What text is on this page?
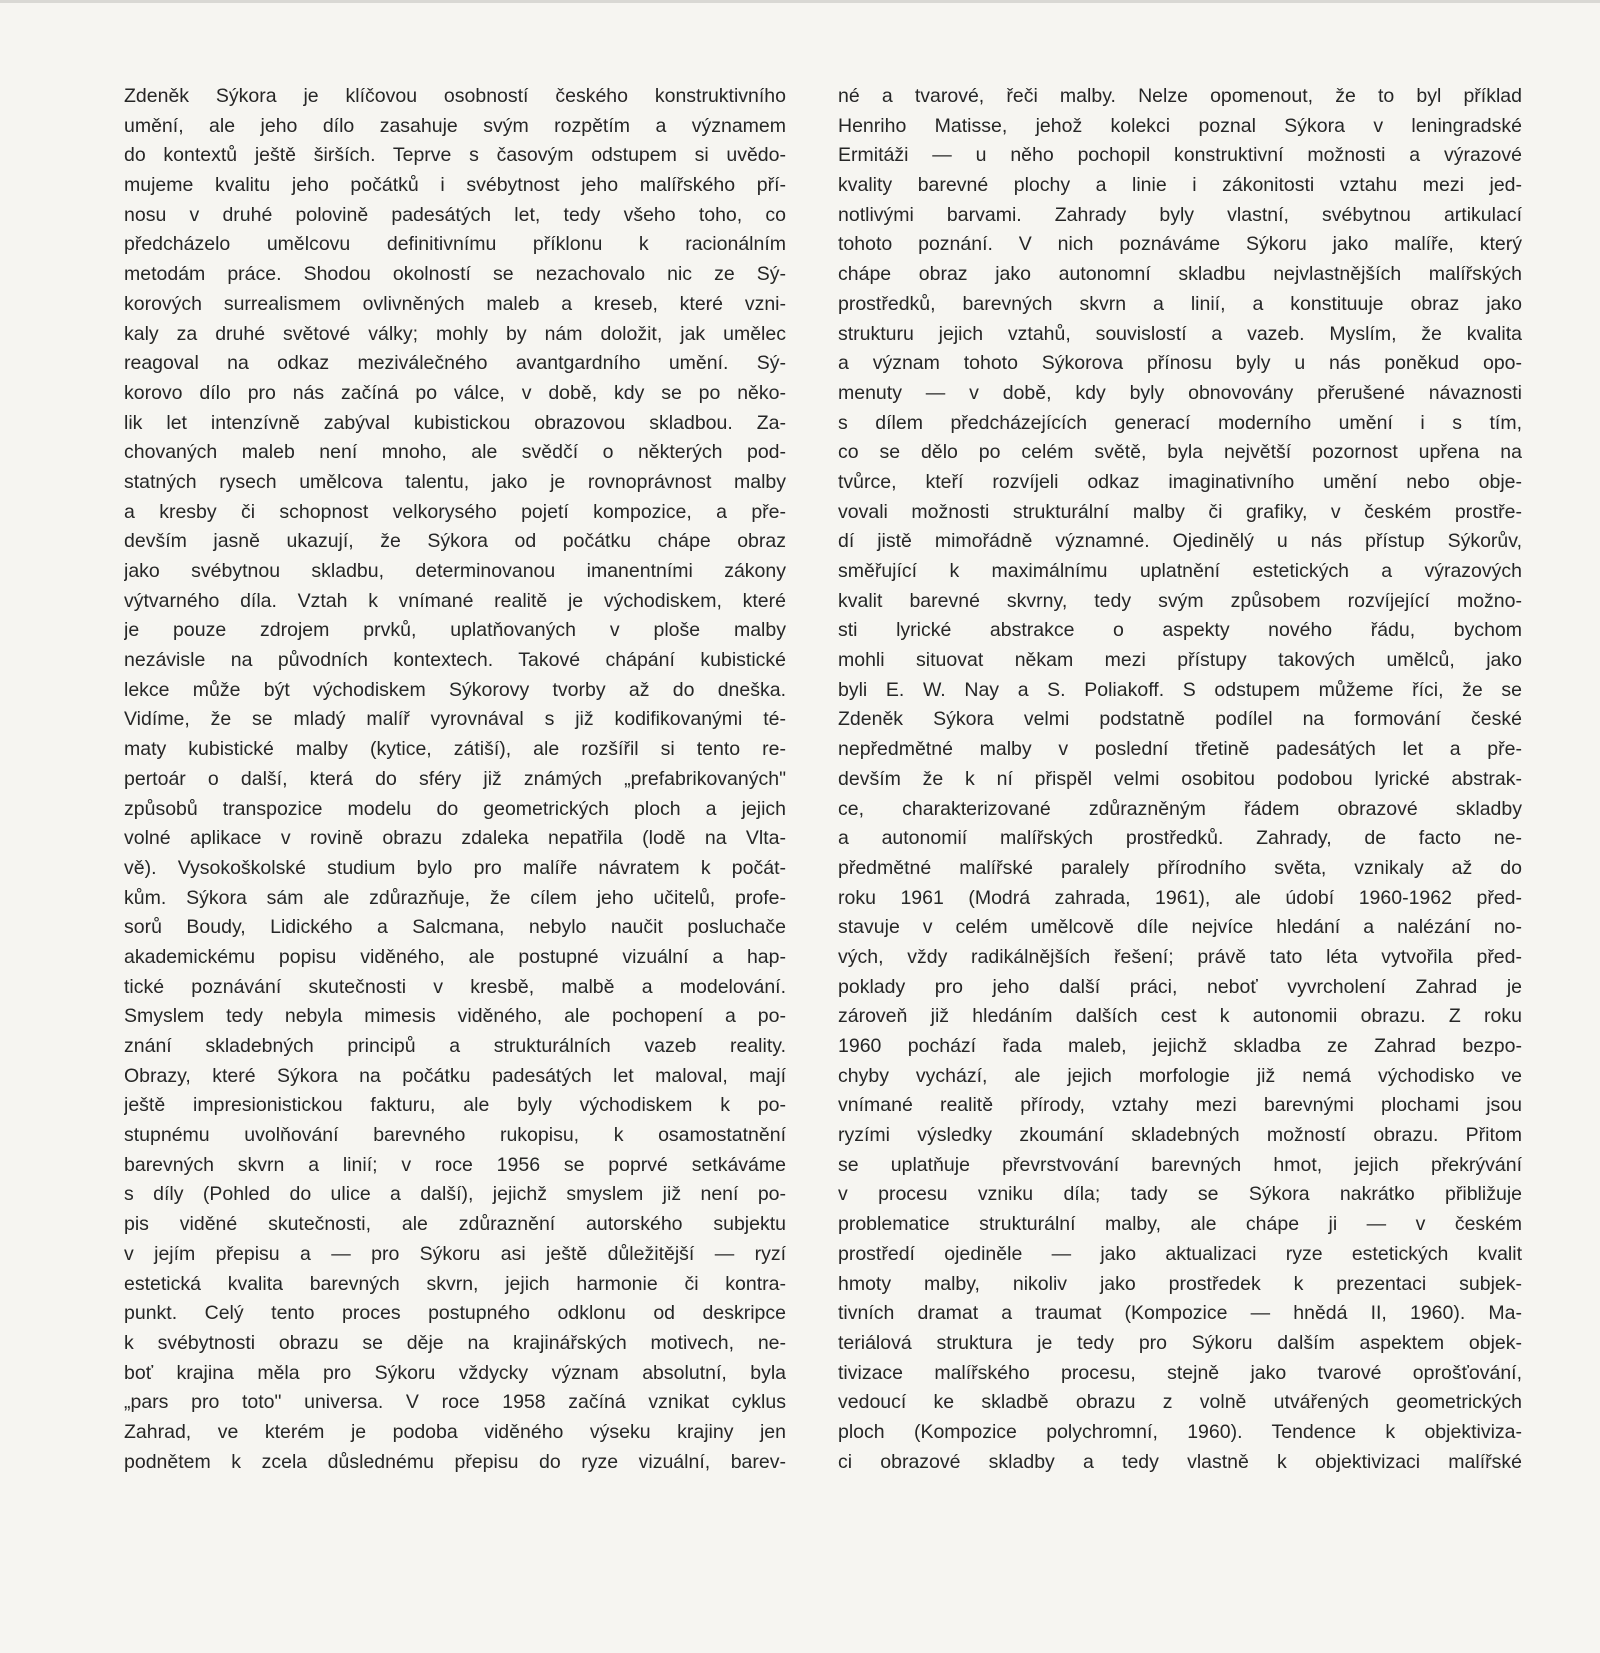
Zdeněk Sýkora je klíčovou osobností českého konstruktivního
umění, ale jeho dílo zasahuje svým rozpětím a významem
do kontextů ještě širších. Teprve s časovým odstupem si uvědo-
mujeme kvalitu jeho počátků i svébytnost jeho malířského pří-
nosu v druhé polovině padesátých let, tedy všeho toho, co
předcházelo umělcovu definitivnímu příklonu k racionálním
metodám práce. Shodou okolností se nezachovalo nic ze Sý-
korových surrealismem ovlivněných maleb a kreseb, které vzni-
kaly za druhé světové války; mohly by nám doložit, jak umělec
reagoval na odkaz meziválečného avantgardního umění. Sý-
korovo dílo pro nás začíná po válce, v době, kdy se po něko-
lik let intenzívně zabýval kubistickou obrazovou skladbou. Za-
chovaných maleb není mnoho, ale svědčí o některých pod-
statných rysech umělcova talentu, jako je rovnoprávnost malby
a kresby či schopnost velkorysého pojetí kompozice, a pře-
devším jasně ukazují, že Sýkora od počátku chápe obraz
jako svébytnou skladbu, determinovanou imanentními zákony
výtvarného díla. Vztah k vnímané realitě je východiskem, které
je pouze zdrojem prvků, uplatňovaných v ploše malby
nezávisle na původních kontextech. Takové chápání kubistické
lekce může být východiskem Sýkorovy tvorby až do dneška.
Vidíme, že se mladý malíř vyrovnával s již kodifikovanými té-
maty kubistické malby (kytice, zátiší), ale rozšířil si tento re-
pertoár o další, která do sféry již známých „prefabrikovaných"
způsobů transpozice modelu do geometrických ploch a jejich
volné aplikace v rovině obrazu zdaleka nepatřila (lodě na Vlta-
vě). Vysokoškolské studium bylo pro malíře návratem k počát-
kům. Sýkora sám ale zdůrazňuje, že cílem jeho učitelů, profe-
sorů Boudy, Lidického a Salcmana, nebylo naučit posluchače
akademickému popisu viděného, ale postupné vizuální a hap-
tické poznávání skutečnosti v kresbě, malbě a modelování.
Smyslem tedy nebyla mimesis viděného, ale pochopení a po-
znání skladebných principů a strukturálních vazeb reality.
Obrazy, které Sýkora na počátku padesátých let maloval, mají
ještě impresionistickou fakturu, ale byly východiskem k po-
stupnému uvolňování barevného rukopisu, k osamostatnění
barevných skvrn a linií; v roce 1956 se poprvé setkáváme
s díly (Pohled do ulice a další), jejichž smyslem již není po-
pis viděné skutečnosti, ale zdůraznění autorského subjektu
v jejím přepisu a — pro Sýkoru asi ještě důležitější — ryzí
estetická kvalita barevných skvrn, jejich harmonie či kontra-
punkt. Celý tento proces postupného odklonu od deskripce
k svébytnosti obrazu se děje na krajinářských motivech, ne-
boť krajina měla pro Sýkoru vždycky význam absolutní, byla
„pars pro toto" universa. V roce 1958 začíná vznikat cyklus
Zahrad, ve kterém je podoba viděného výseku krajiny jen
podnětem k zcela důslednému přepisu do ryze vizuální, barev-
né a tvarové, řeči malby. Nelze opomenout, že to byl příklad
Henriho Matisse, jehož kolekci poznal Sýkora v leningradské
Ermitáži — u něho pochopil konstruktivní možnosti a výrazové
kvality barevné plochy a linie i zákonitosti vztahu mezi jed-
notlivými barvami. Zahrady byly vlastní, svébytnou artikulací
tohoto poznání. V nich poznáváme Sýkoru jako malíře, který
chápe obraz jako autonomní skladbu nejvlastnějších malířských
prostředků, barevných skvrn a linií, a konstituuje obraz jako
strukturu jejich vztahů, souvislostí a vazeb. Myslím, že kvalita
a význam tohoto Sýkorova přínosu byly u nás poněkud opo-
menuty — v době, kdy byly obnovovány přerušené návaznosti
s dílem předcházejících generací moderního umění i s tím,
co se dělo po celém světě, byla největší pozornost upřena na
tvůrce, kteří rozvíjeli odkaz imaginativního umění nebo obje-
vovali možnosti strukturální malby či grafiky, v českém prostře-
dí jistě mimořádně významné. Ojedinělý u nás přístup Sýkorův,
směřující k maximálnímu uplatnění estetických a výrazových
kvalit barevné skvrny, tedy svým způsobem rozvíjející možno-
sti lyrické abstrakce o aspekty nového řádu, bychom
mohli situovat někam mezi přístupy takových umělců, jako
byli E. W. Nay a S. Poliakoff. S odstupem můžeme říci, že se
Zdeněk Sýkora velmi podstatně podílel na formování české
nepředmětné malby v poslední třetině padesátých let a pře-
devším že k ní přispěl velmi osobitou podobou lyrické abstrak-
ce, charakterizované zdůrazněným řádem obrazové skladby
a autonomií malířských prostředků. Zahrady, de facto ne-
předmětné malířské paralely přírodního světa, vznikaly až do
roku 1961 (Modrá zahrada, 1961), ale údobí 1960-1962 před-
stavuje v celém umělcově díle nejvíce hledání a nalézání no-
vých, vždy radikálnějších řešení; právě tato léta vytvořila před-
poklady pro jeho další práci, neboť vyvrcholení Zahrad je
zároveň již hledáním dalších cest k autonomii obrazu. Z roku
1960 pochází řada maleb, jejichž skladba ze Zahrad bezpo-
chyby vychází, ale jejich morfologie již nemá východisko ve
vnímané realitě přírody, vztahy mezi barevnými plochami jsou
ryzími výsledky zkoumání skladebných možností obrazu. Přitom
se uplatňuje převrstvování barevných hmot, jejich překrývání
v procesu vzniku díla; tady se Sýkora nakrátko přibližuje
problematice strukturální malby, ale chápe ji — v českém
prostředí ojediněle — jako aktualizaci ryze estetických kvalit
hmoty malby, nikoliv jako prostředek k prezentaci subjek-
tivních dramat a traumat (Kompozice — hnědá II, 1960). Ma-
teriálová struktura je tedy pro Sýkoru dalším aspektem objek-
tivizace malířského procesu, stejně jako tvarové oprošťování,
vedoucí ke skladbě obrazu z volně utvářených geometrických
ploch (Kompozice polychromní, 1960). Tendence k objektiviza-
ci obrazové skladby a tedy vlastně k objektivizaci malířské
